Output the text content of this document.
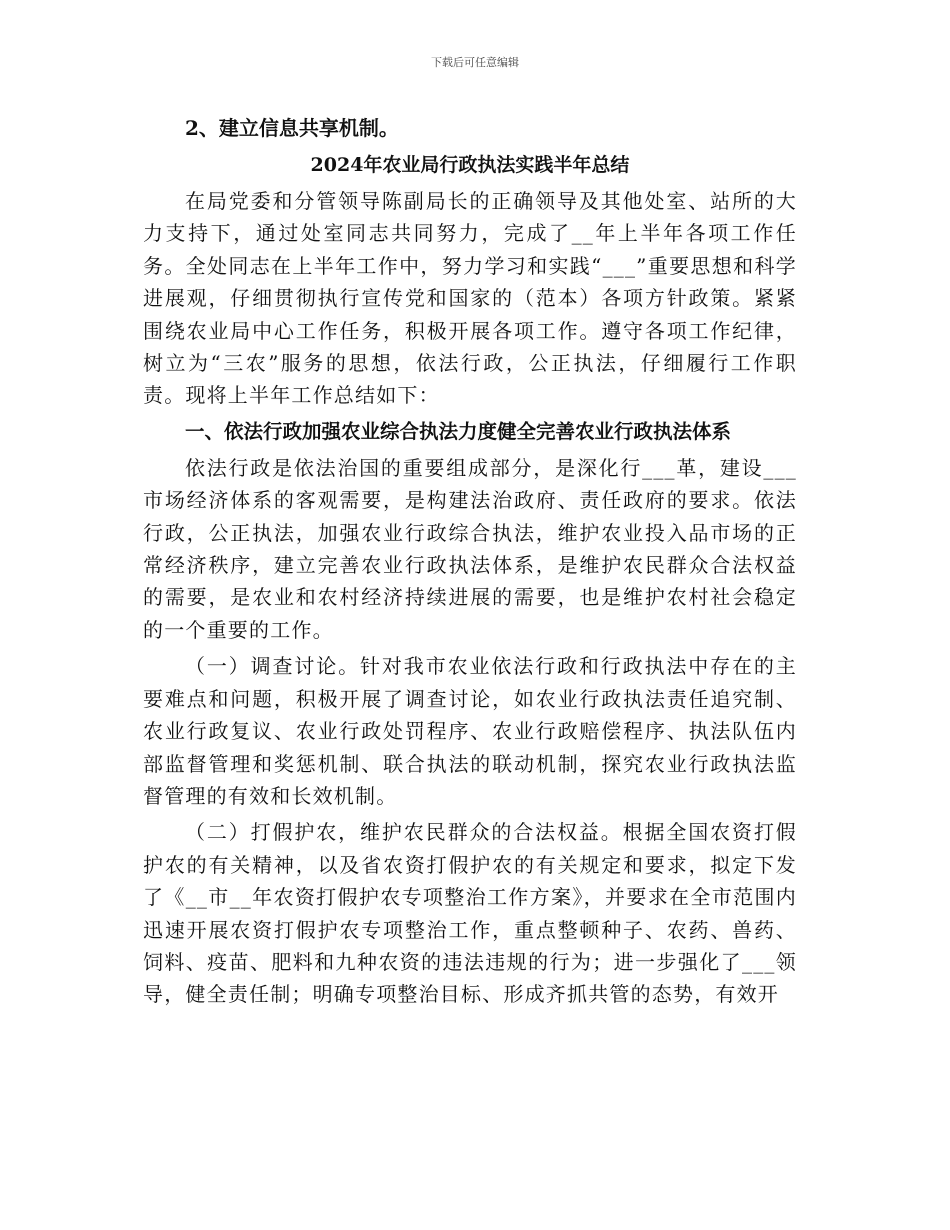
下载后可任意编辑

2、建立信息共享机制。

2024年农业局行政执法实践半年总结

在局党委和分管领导陈副局长的正确领导及其他处室、站所的大力支持下，通过处室同志共同努力，完成了__年上半年各项工作任务。全处同志在上半年工作中，努力学习和实践“___”重要思想和科学进展观，仔细贯彻执行宣传党和国家的（范本）各项方针政策。紧紧围绕农业局中心工作任务，积极开展各项工作。遵守各项工作纪律，树立为“三农”服务的思想，依法行政，公正执法，仔细履行工作职责。现将上半年工作总结如下：

一、依法行政加强农业综合执法力度健全完善农业行政执法体系

依法行政是依法治国的重要组成部分，是深化行___革，建设___市场经济体系的客观需要，是构建法治政府、责任政府的要求。依法行政，公正执法，加强农业行政综合执法，维护农业投入品市场的正常经济秩序，建立完善农业行政执法体系，是维护农民群众合法权益的需要，是农业和农村经济持续进展的需要，也是维护农村社会稳定的一个重要的工作。

（一）调查讨论。针对我市农业依法行政和行政执法中存在的主要难点和问题，积极开展了调查讨论，如农业行政执法责任追究制、农业行政复议、农业行政处罚程序、农业行政赔偿程序、执法队伍内部监督管理和奖惩机制、联合执法的联动机制，探究农业行政执法监督管理的有效和长效机制。

（二）打假护农，维护农民群众的合法权益。根据全国农资打假护农的有关精神，以及省农资打假护农的有关规定和要求，拟定下发了《__市__年农资打假护农专项整治工作方案》，并要求在全市范围内迅速开展农资打假护农专项整治工作，重点整顿种子、农药、兽药、饲料、疫苗、肥料和九种农资的违法违规的行为；进一步强化了___领导，健全责任制；明确专项整治目标、形成齐抓共管的态势，有效开
